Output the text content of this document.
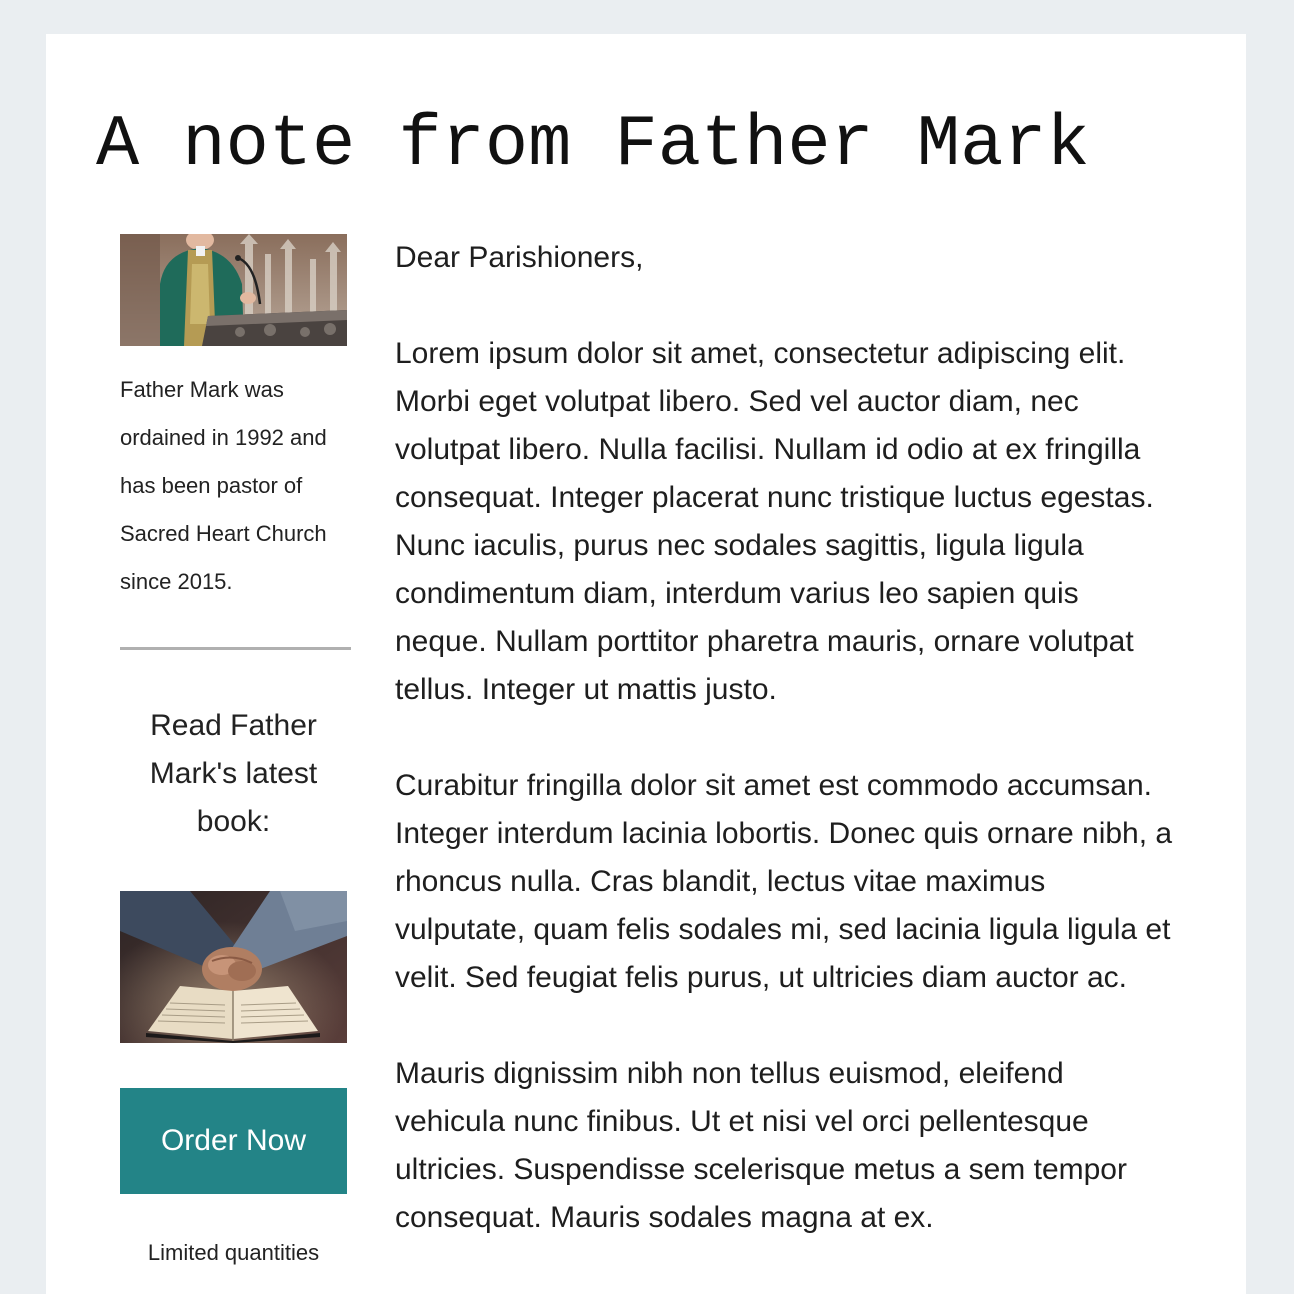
A note from Father Mark

Father Mark was ordained in 1992 and has been pastor of Sacred Heart Church since 2015.

Read Father Mark's latest book:

Order Now

Limited quantities

Dear Parishioners,

Lorem ipsum dolor sit amet, consectetur adipiscing elit. Morbi eget volutpat libero. Sed vel auctor diam, nec volutpat libero. Nulla facilisi. Nullam id odio at ex fringilla consequat. Integer placerat nunc tristique luctus egestas. Nunc iaculis, purus nec sodales sagittis, ligula ligula condimentum diam, interdum varius leo sapien quis neque. Nullam porttitor pharetra mauris, ornare volutpat tellus. Integer ut mattis justo.

Curabitur fringilla dolor sit amet est commodo accumsan. Integer interdum lacinia lobortis. Donec quis ornare nibh, a rhoncus nulla. Cras blandit, lectus vitae maximus vulputate, quam felis sodales mi, sed lacinia ligula ligula et velit. Sed feugiat felis purus, ut ultricies diam auctor ac.

Mauris dignissim nibh non tellus euismod, eleifend vehicula nunc finibus. Ut et nisi vel orci pellentesque ultricies. Suspendisse scelerisque metus a sem tempor consequat. Mauris sodales magna at ex.
